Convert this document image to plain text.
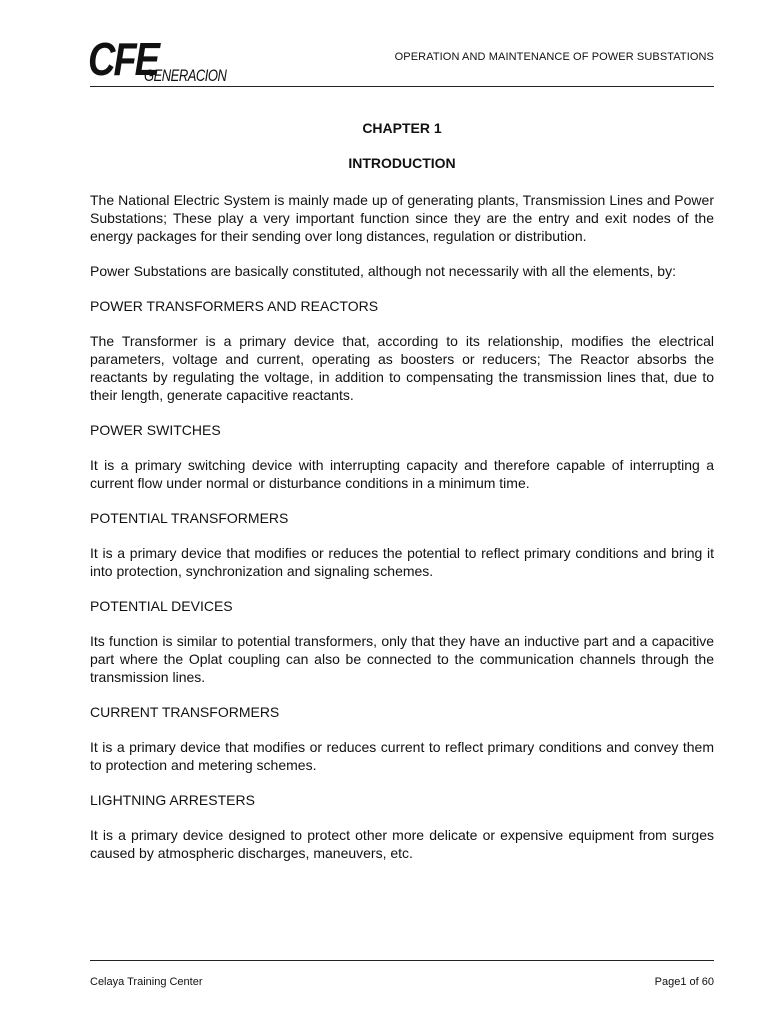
CFE
GENERACION
OPERATION AND MAINTENANCE OF POWER SUBSTATIONS
CHAPTER 1
INTRODUCTION

The National Electric System is mainly made up of generating plants, Transmission Lines and Power Substations; These play a very important function since they are the entry and exit nodes of the energy packages for their sending over long distances, regulation or distribution.

Power Substations are basically constituted, although not necessarily with all the elements, by:

POWER TRANSFORMERS AND REACTORS

The Transformer is a primary device that, according to its relationship, modifies the electrical parameters, voltage and current, operating as boosters or reducers; The Reactor absorbs the reactants by regulating the voltage, in addition to compensating the transmission lines that, due to their length, generate capacitive reactants.

POWER SWITCHES

It is a primary switching device with interrupting capacity and therefore capable of interrupting a current flow under normal or disturbance conditions in a minimum time.

POTENTIAL TRANSFORMERS

It is a primary device that modifies or reduces the potential to reflect primary conditions and bring it into protection, synchronization and signaling schemes.

POTENTIAL DEVICES

Its function is similar to potential transformers, only that they have an inductive part and a capacitive part where the Oplat coupling can also be connected to the communication channels through the transmission lines.

CURRENT TRANSFORMERS

It is a primary device that modifies or reduces current to reflect primary conditions and convey them to protection and metering schemes.

LIGHTNING ARRESTERS

It is a primary device designed to protect other more delicate or expensive equipment from surges caused by atmospheric discharges, maneuvers, etc.

Celaya Training Center	Page1 of 60
